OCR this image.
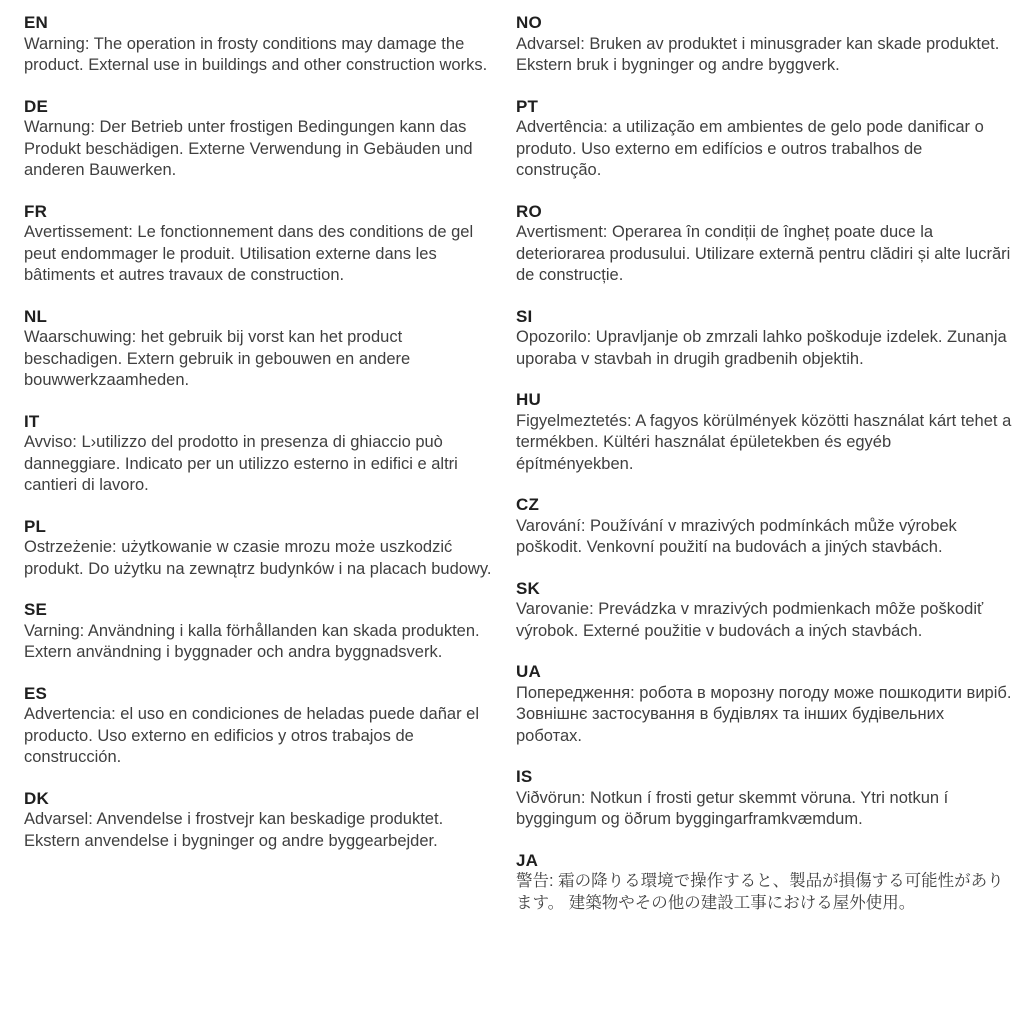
EN

Warning: The operation in frosty conditions may damage the product. External use in buildings and other construction works.

DE

Warnung: Der Betrieb unter frostigen Bedingungen kann das Produkt beschädigen. Externe Verwendung in Gebäuden und anderen Bauwerken.

FR

Avertissement: Le fonctionnement dans des conditions de gel peut endommager le produit. Utilisation externe dans les bâtiments et autres travaux de construction.

NL

Waarschuwing: het gebruik bij vorst kan het product beschadigen. Extern gebruik in gebouwen en andere bouwwerkzaamheden.

IT

Avviso: L›utilizzo del prodotto in presenza di ghiaccio può danneggiare. Indicato per un utilizzo esterno in edifici e altri cantieri di lavoro.

PL

Ostrzeżenie: użytkowanie w czasie mrozu może uszkodzić produkt. Do użytku na zewnątrz budynków i na placach budowy.

SE

Varning: Användning i kalla förhållanden kan skada produkten. Extern användning i byggnader och andra byggnadsverk.

ES

Advertencia: el uso en condiciones de heladas puede dañar el producto. Uso externo en edificios y otros trabajos de construcción.

DK

Advarsel: Anvendelse i frostvejr kan beskadige produktet. Ekstern anvendelse i bygninger og andre byggearbejder.

NO

Advarsel: Bruken av produktet i minusgrader kan skade produktet. Ekstern bruk i bygninger og andre byggverk.

PT

Advertência: a utilização em ambientes de gelo pode danificar o produto. Uso externo em edifícios e outros trabalhos de construção.

RO

Avertisment: Operarea în condiții de îngheț poate duce la deteriorarea produsului. Utilizare externă pentru clădiri și alte lucrări de construcție.

SI

Opozorilo: Upravljanje ob zmrzali lahko poškoduje izdelek. Zunanja uporaba v stavbah in drugih gradbenih objektih.

HU

Figyelmeztetés: A fagyos körülmények közötti használat kárt tehet a termékben. Kültéri használat épületekben és egyéb építményekben.

CZ

Varování: Používání v mrazivých podmínkách může výrobek poškodit. Venkovní použití na budovách a jiných stavbách.

SK

Varovanie: Prevádzka v mrazivých podmienkach môže poškodiť výrobok. Externé použitie v budovách a iných stavbách.

UA

Попередження: робота в морозну погоду може пошкодити виріб. Зовнішнє застосування в будівлях та інших будівельних роботах.

IS

Viðvörun: Notkun í frosti getur skemmt vöruna. Ytri notkun í byggingum og öðrum byggingarframkvæmdum.

JA

警告: 霜の降りる環境で操作すると、製品が損傷する可能性があります。 建築物やその他の建設工事における屋外使用。
